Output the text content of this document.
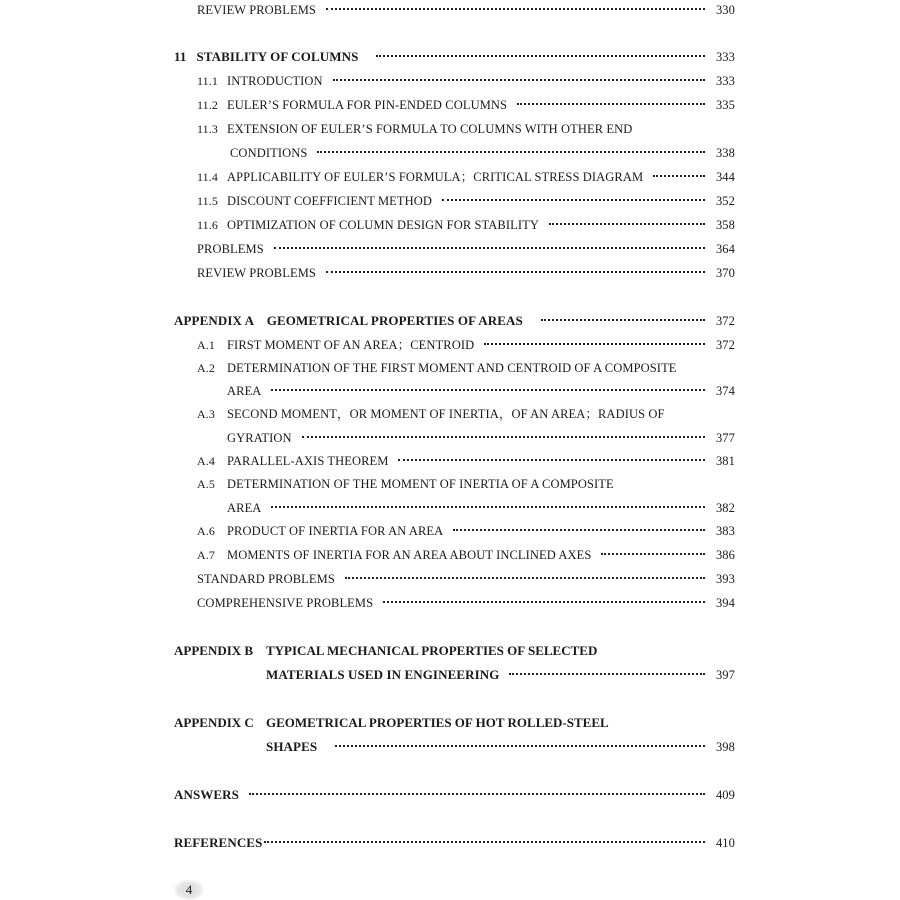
REVIEW PROBLEMS	330
11   STABILITY OF COLUMNS	333
11.1 INTRODUCTION	333
11.2 EULER’S FORMULA FOR PIN-ENDED COLUMNS	335
11.3 EXTENSION OF EULER’S FORMULA TO COLUMNS WITH OTHER END
CONDITIONS	338
11.4 APPLICABILITY OF EULER’S FORMULA；CRITICAL STRESS DIAGRAM	344
11.5 DISCOUNT COEFFICIENT METHOD	352
11.6 OPTIMIZATION OF COLUMN DESIGN FOR STABILITY	358
PROBLEMS	364
REVIEW PROBLEMS	370
APPENDIX A    GEOMETRICAL PROPERTIES OF AREAS	372
A.1 FIRST MOMENT OF AN AREA；CENTROID	372
A.2 DETERMINATION OF THE FIRST MOMENT AND CENTROID OF A COMPOSITE
AREA	374
A.3 SECOND MOMENT，OR MOMENT OF INERTIA，OF AN AREA；RADIUS OF
GYRATION	377
A.4 PARALLEL-AXIS THEOREM	381
A.5 DETERMINATION OF THE MOMENT OF INERTIA OF A COMPOSITE
AREA	382
A.6 PRODUCT OF INERTIA FOR AN AREA	383
A.7 MOMENTS OF INERTIA FOR AN AREA ABOUT INCLINED AXES	386
STANDARD PROBLEMS	393
COMPREHENSIVE PROBLEMS	394
APPENDIX B TYPICAL MECHANICAL PROPERTIES OF SELECTED
MATERIALS USED IN ENGINEERING	397
APPENDIX C GEOMETRICAL PROPERTIES OF HOT ROLLED-STEEL
SHAPES	398
ANSWERS	409
REFERENCES	410
4
